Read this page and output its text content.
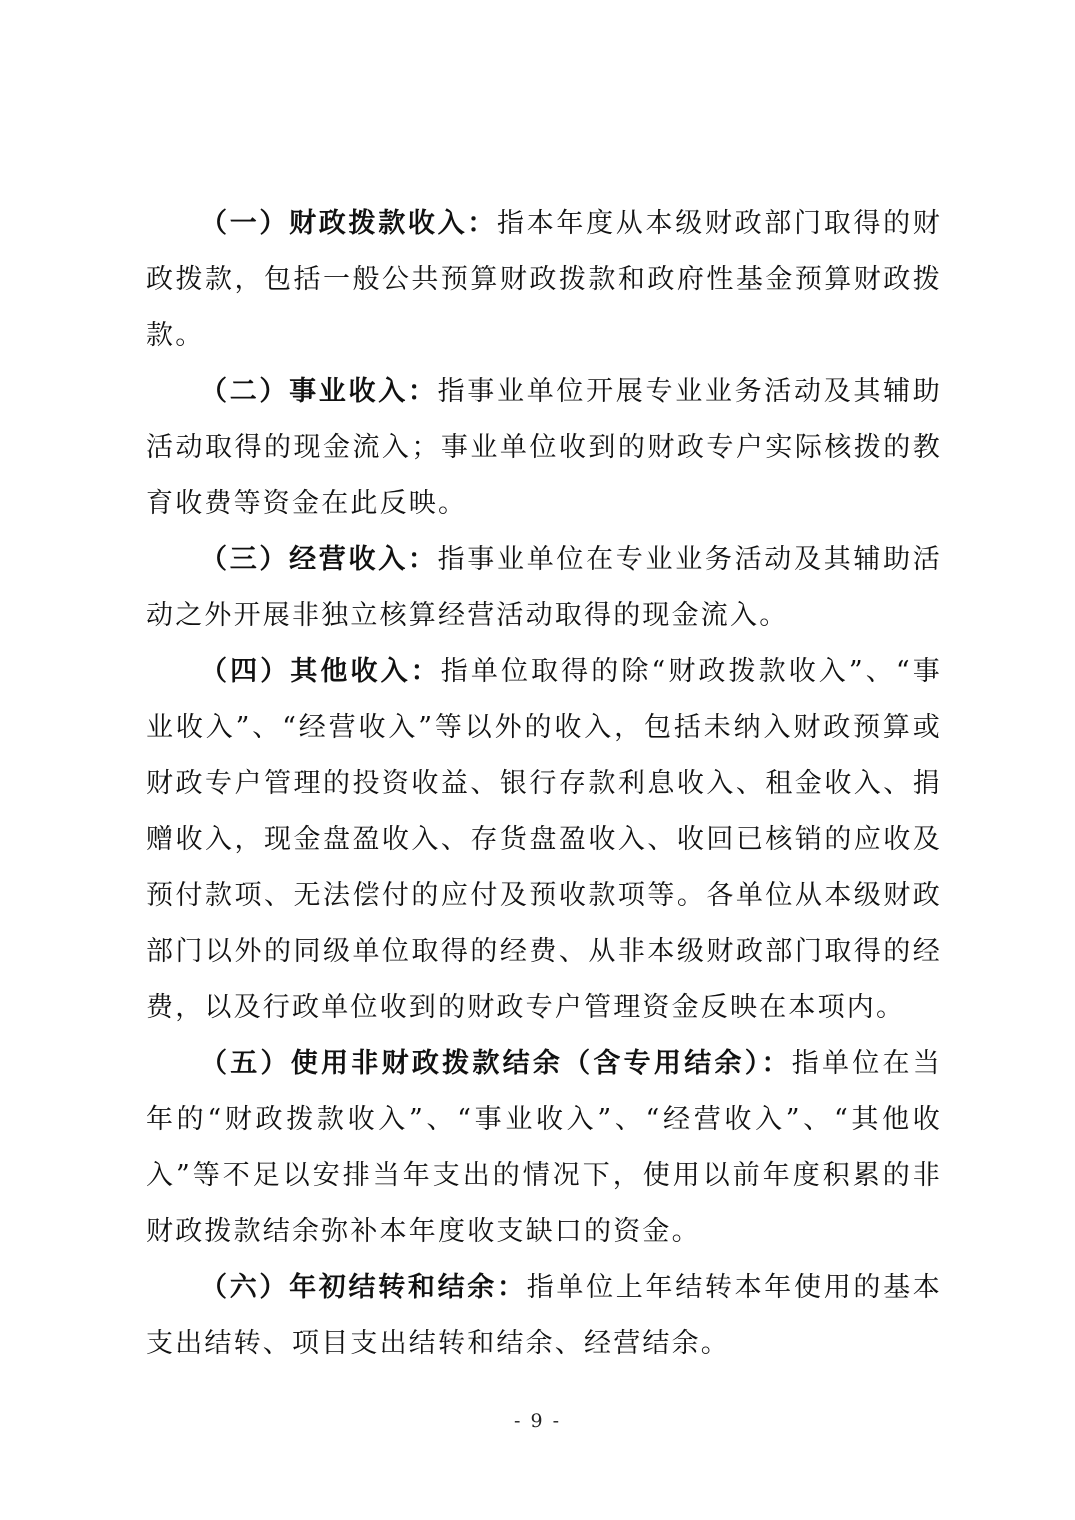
（一）财政拨款收入：指本年度从本级财政部门取得的财政拨款，包括一般公共预算财政拨款和政府性基金预算财政拨款。

（二）事业收入：指事业单位开展专业业务活动及其辅助活动取得的现金流入；事业单位收到的财政专户实际核拨的教育收费等资金在此反映。

（三）经营收入：指事业单位在专业业务活动及其辅助活动之外开展非独立核算经营活动取得的现金流入。

（四）其他收入：指单位取得的除“财政拨款收入”、“事业收入”、“经营收入”等以外的收入，包括未纳入财政预算或财政专户管理的投资收益、银行存款利息收入、租金收入、捐赠收入，现金盘盈收入、存货盘盈收入、收回已核销的应收及预付款项、无法偿付的应付及预收款项等。各单位从本级财政部门以外的同级单位取得的经费、从非本级财政部门取得的经费，以及行政单位收到的财政专户管理资金反映在本项内。

（五）使用非财政拨款结余（含专用结余）：指单位在当年的“财政拨款收入”、“事业收入”、“经营收入”、“其他收入”等不足以安排当年支出的情况下，使用以前年度积累的非财政拨款结余弥补本年度收支缺口的资金。

（六）年初结转和结余：指单位上年结转本年使用的基本支出结转、项目支出结转和结余、经营结余。

- 9 -
